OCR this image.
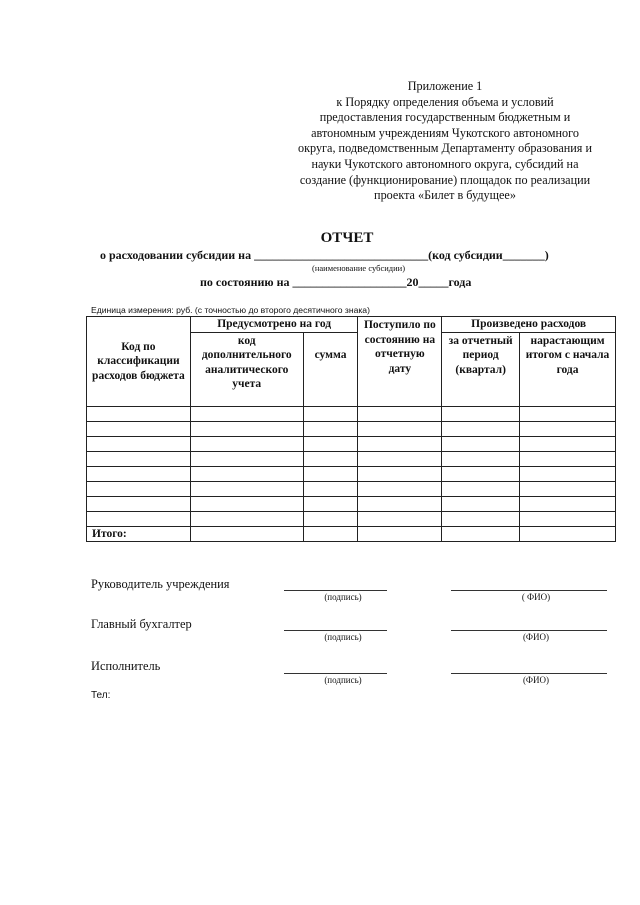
Приложение 1
к Порядку определения объема и условий
предоставления государственным бюджетным и
автономным учреждениям Чукотского автономного
округа, подведомственным Департаменту образования и
науки Чукотского автономного округа, субсидий на
создание (функционирование) площадок по реализации
проекта «Билет в будущее»
ОТЧЕТ
о расходовании субсидии на _____________________________(код субсидии_______)
(наименование субсидии)
по состоянию на ___________________20_____года
Единица измерения: руб. (с точностью до второго десятичного знака)
Код по классификации расходов бюджета	Предусмотрено на год		Поступило по состоянию на отчетную дату	Произведено расходов	

	код дополнительного аналитического учета	сумма		за отчетный период (квартал)	нарастающим итогом с начала года

Итого:					
Руководитель учреждения
(подпись)	( ФИО)
Главный бухгалтер
(подпись)	(ФИО)
Исполнитель
(подпись)	(ФИО)
Тел:
